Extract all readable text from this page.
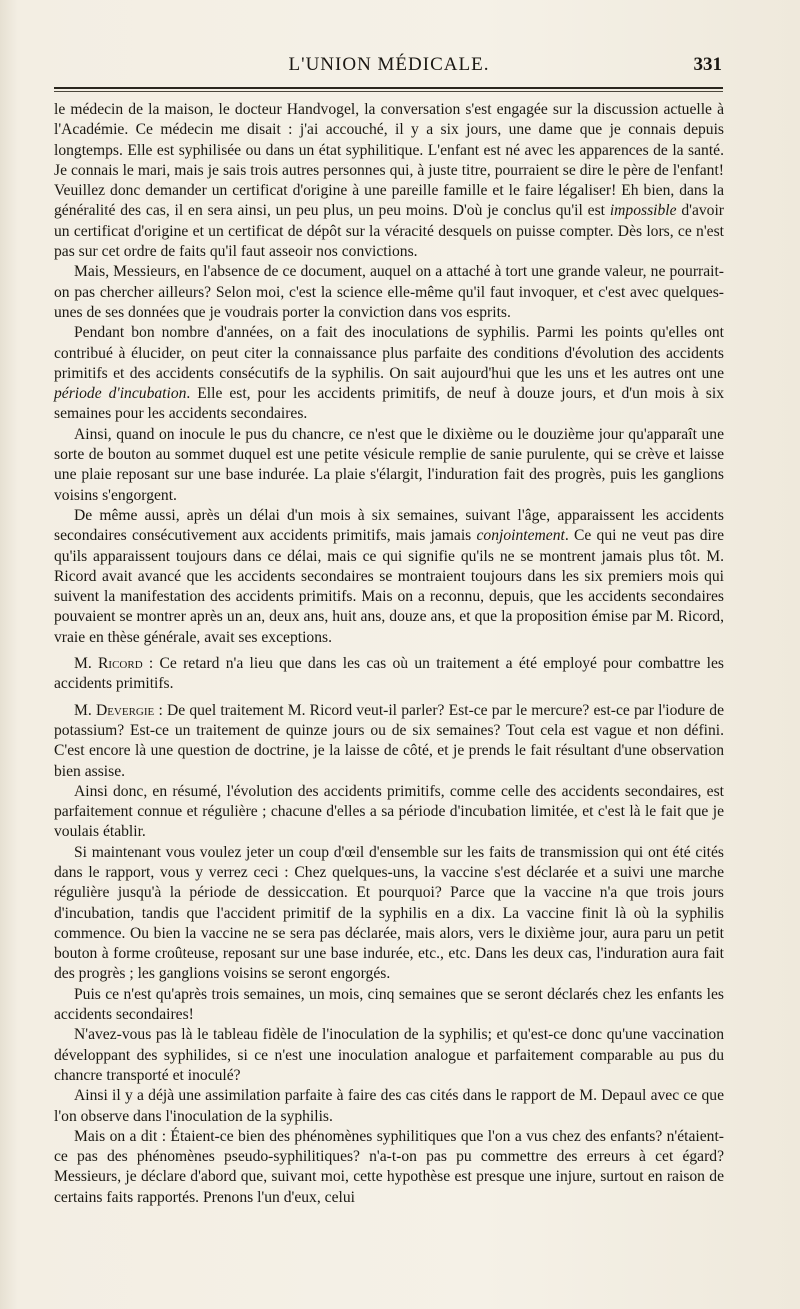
L'UNION MÉDICALE.	331

le médecin de la maison, le docteur Handvogel, la conversation s'est engagée sur la discussion actuelle à l'Académie. Ce médecin me disait : j'ai accouché, il y a six jours, une dame que je connais depuis longtemps. Elle est syphilisée ou dans un état syphilitique. L'enfant est né avec les apparences de la santé. Je connais le mari, mais je sais trois autres personnes qui, à juste titre, pourraient se dire le père de l'enfant! Veuillez donc demander un certificat d'origine à une pareille famille et le faire légaliser! Eh bien, dans la généralité des cas, il en sera ainsi, un peu plus, un peu moins. D'où je conclus qu'il est impossible d'avoir un certificat d'origine et un certificat de dépôt sur la véracité desquels on puisse compter. Dès lors, ce n'est pas sur cet ordre de faits qu'il faut asseoir nos convictions.

Mais, Messieurs, en l'absence de ce document, auquel on a attaché à tort une grande valeur, ne pourrait-on pas chercher ailleurs? Selon moi, c'est la science elle-même qu'il faut invoquer, et c'est avec quelques-unes de ses données que je voudrais porter la conviction dans vos esprits.

Pendant bon nombre d'années, on a fait des inoculations de syphilis. Parmi les points qu'elles ont contribué à élucider, on peut citer la connaissance plus parfaite des conditions d'évolution des accidents primitifs et des accidents consécutifs de la syphilis. On sait aujourd'hui que les uns et les autres ont une période d'incubation. Elle est, pour les accidents primitifs, de neuf à douze jours, et d'un mois à six semaines pour les accidents secondaires.

Ainsi, quand on inocule le pus du chancre, ce n'est que le dixième ou le douzième jour qu'apparaît une sorte de bouton au sommet duquel est une petite vésicule remplie de sanie purulente, qui se crève et laisse une plaie reposant sur une base indurée. La plaie s'élargit, l'induration fait des progrès, puis les ganglions voisins s'engorgent.

De même aussi, après un délai d'un mois à six semaines, suivant l'âge, apparaissent les accidents secondaires consécutivement aux accidents primitifs, mais jamais conjointement. Ce qui ne veut pas dire qu'ils apparaissent toujours dans ce délai, mais ce qui signifie qu'ils ne se montrent jamais plus tôt. M. Ricord avait avancé que les accidents secondaires se montraient toujours dans les six premiers mois qui suivent la manifestation des accidents primitifs. Mais on a reconnu, depuis, que les accidents secondaires pouvaient se montrer après un an, deux ans, huit ans, douze ans, et que la proposition émise par M. Ricord, vraie en thèse générale, avait ses exceptions.

M. Ricord : Ce retard n'a lieu que dans les cas où un traitement a été employé pour combattre les accidents primitifs.

M. Devergie : De quel traitement M. Ricord veut-il parler? Est-ce par le mercure? est-ce par l'iodure de potassium? Est-ce un traitement de quinze jours ou de six semaines? Tout cela est vague et non défini. C'est encore là une question de doctrine, je la laisse de côté, et je prends le fait résultant d'une observation bien assise.

Ainsi donc, en résumé, l'évolution des accidents primitifs, comme celle des accidents secondaires, est parfaitement connue et régulière ; chacune d'elles a sa période d'incubation limitée, et c'est là le fait que je voulais établir.

Si maintenant vous voulez jeter un coup d'œil d'ensemble sur les faits de transmission qui ont été cités dans le rapport, vous y verrez ceci : Chez quelques-uns, la vaccine s'est déclarée et a suivi une marche régulière jusqu'à la période de dessiccation. Et pourquoi? Parce que la vaccine n'a que trois jours d'incubation, tandis que l'accident primitif de la syphilis en a dix. La vaccine finit là où la syphilis commence. Ou bien la vaccine ne se sera pas déclarée, mais alors, vers le dixième jour, aura paru un petit bouton à forme croûteuse, reposant sur une base indurée, etc., etc. Dans les deux cas, l'induration aura fait des progrès ; les ganglions voisins se seront engorgés.

Puis ce n'est qu'après trois semaines, un mois, cinq semaines que se seront déclarés chez les enfants les accidents secondaires!

N'avez-vous pas là le tableau fidèle de l'inoculation de la syphilis; et qu'est-ce donc qu'une vaccination développant des syphilides, si ce n'est une inoculation analogue et parfaitement comparable au pus du chancre transporté et inoculé?

Ainsi il y a déjà une assimilation parfaite à faire des cas cités dans le rapport de M. Depaul avec ce que l'on observe dans l'inoculation de la syphilis.

Mais on a dit : Étaient-ce bien des phénomènes syphilitiques que l'on a vus chez des enfants? n'étaient-ce pas des phénomènes pseudo-syphilitiques? n'a-t-on pas pu commettre des erreurs à cet égard? Messieurs, je déclare d'abord que, suivant moi, cette hypothèse est presque une injure, surtout en raison de certains faits rapportés. Prenons l'un d'eux, celui
